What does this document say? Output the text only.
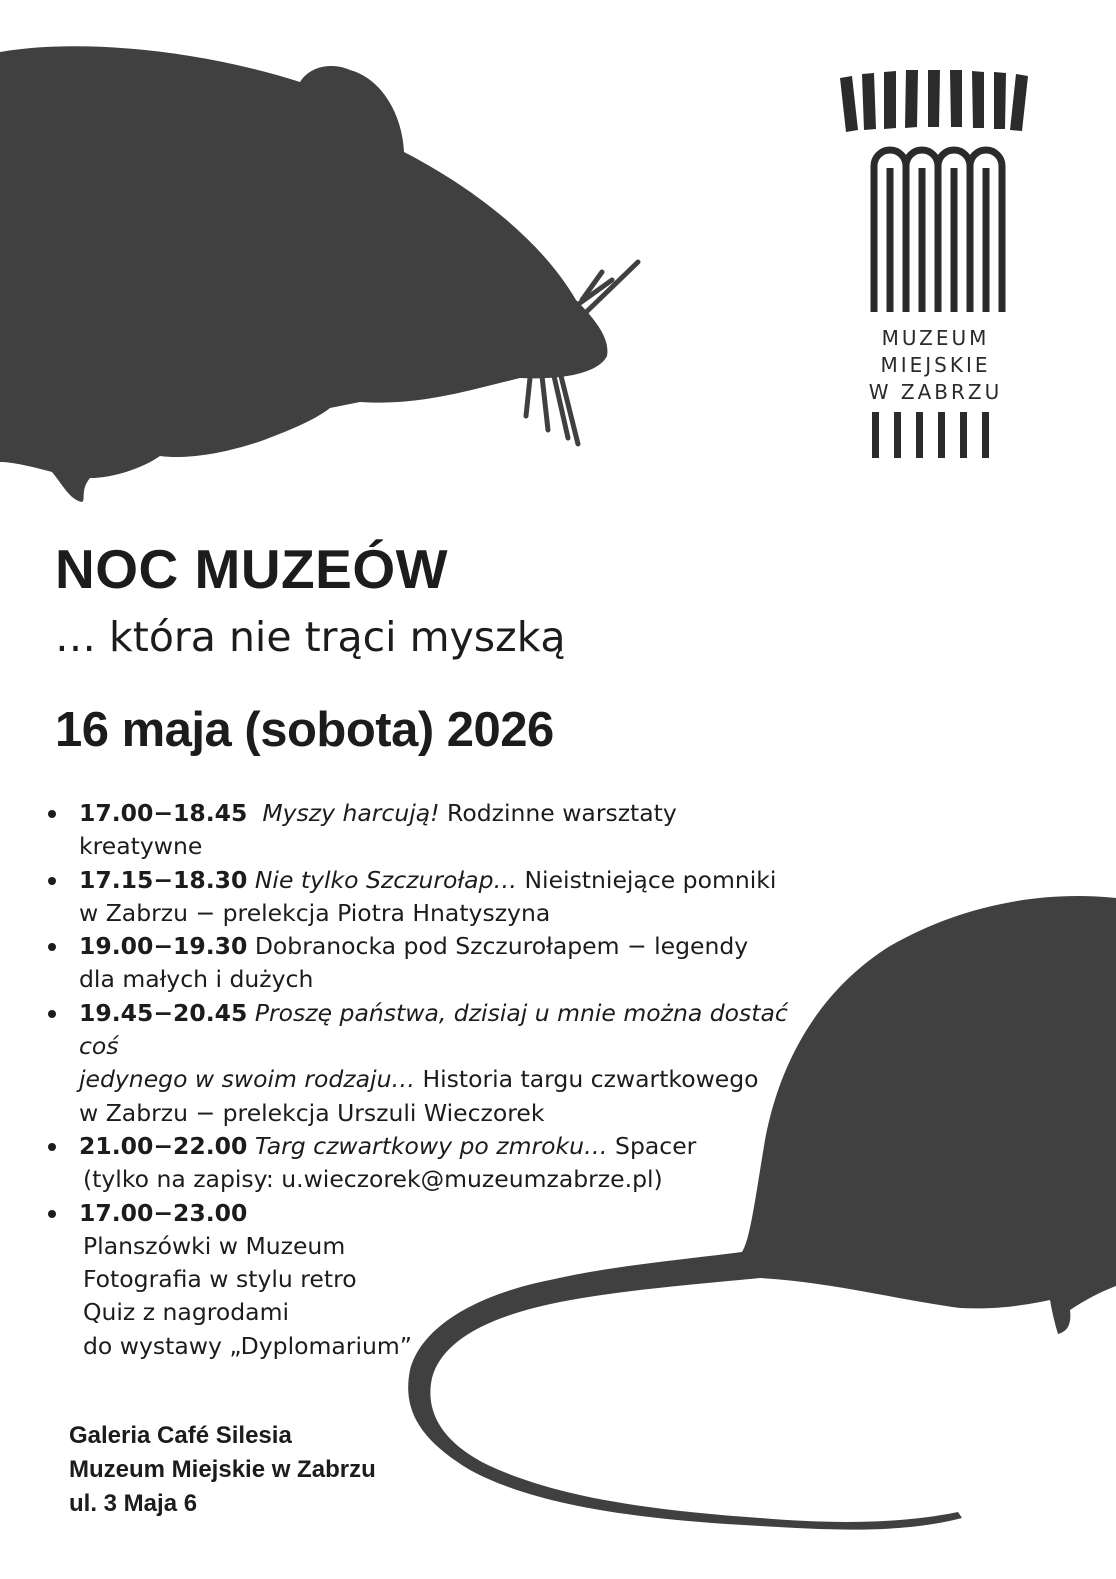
MUZEUM
MIEJSKIE
W ZABRZU
NOC MUZEÓW
… która nie trąci myszką
16 maja (sobota) 2026
17.00−18.45 Myszy harcują! Rodzinne warsztaty kreatywne
17.15−18.30 Nie tylko Szczurołap… Nieistniejące pomniki
w Zabrzu − prelekcja Piotra Hnatyszyna
19.00−19.30 Dobranocka pod Szczurołapem − legendy
dla małych i dużych
19.45−20.45 Proszę państwa, dzisiaj u mnie można dostać coś
jedynego w swoim rodzaju… Historia targu czwartkowego
w Zabrzu − prelekcja Urszuli Wieczorek
21.00−22.00 Targ czwartkowy po zmroku… Spacer
(tylko na zapisy: u.wieczorek@muzeumzabrze.pl)
17.00−23.00
Planszówki w Muzeum
Fotografia w stylu retro
Quiz z nagrodami
do wystawy „Dyplomarium”
Galeria Café Silesia
Muzeum Miejskie w Zabrzu
ul. 3 Maja 6
